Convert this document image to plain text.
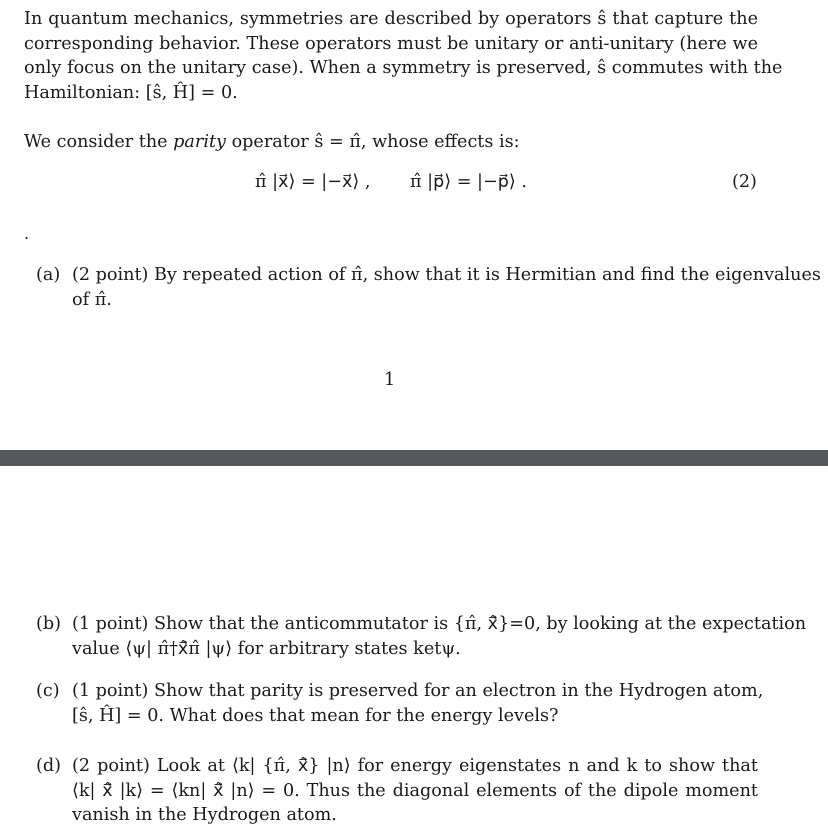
In quantum mechanics, symmetries are described by operators ŝ that capture the
corresponding behavior. These operators must be unitary or anti-unitary (here we
only focus on the unitary case). When a symmetry is preserved, ŝ commutes with the
Hamiltonian: [ŝ, Ĥ] = 0.
We consider the parity operator ŝ = π̂, whose effects is:
π̂ |x⃗⟩ = |−x⃗⟩ , π̂ |p⃗⟩ = |−p⃗⟩ .	(2)
.
(a) (2 point) By repeated action of π̂, show that it is Hermitian and find the eigenvalues
of π̂.
1
(b) (1 point) Show that the anticommutator is {π̂, x̂⃗}=0, by looking at the expectation
value ⟨ψ| π̂†x̂⃗π̂ |ψ⟩ for arbitrary states ketψ.
(c) (1 point) Show that parity is preserved for an electron in the Hydrogen atom,
[ŝ, Ĥ] = 0. What does that mean for the energy levels?
(d) (2 point) Look at ⟨k| {π̂, x̂⃗} |n⟩ for energy eigenstates n and k to show that
⟨k| x̂⃗ |k⟩ = ⟨kn| x̂⃗ |n⟩ = 0. Thus the diagonal elements of the dipole moment
vanish in the Hydrogen atom.
